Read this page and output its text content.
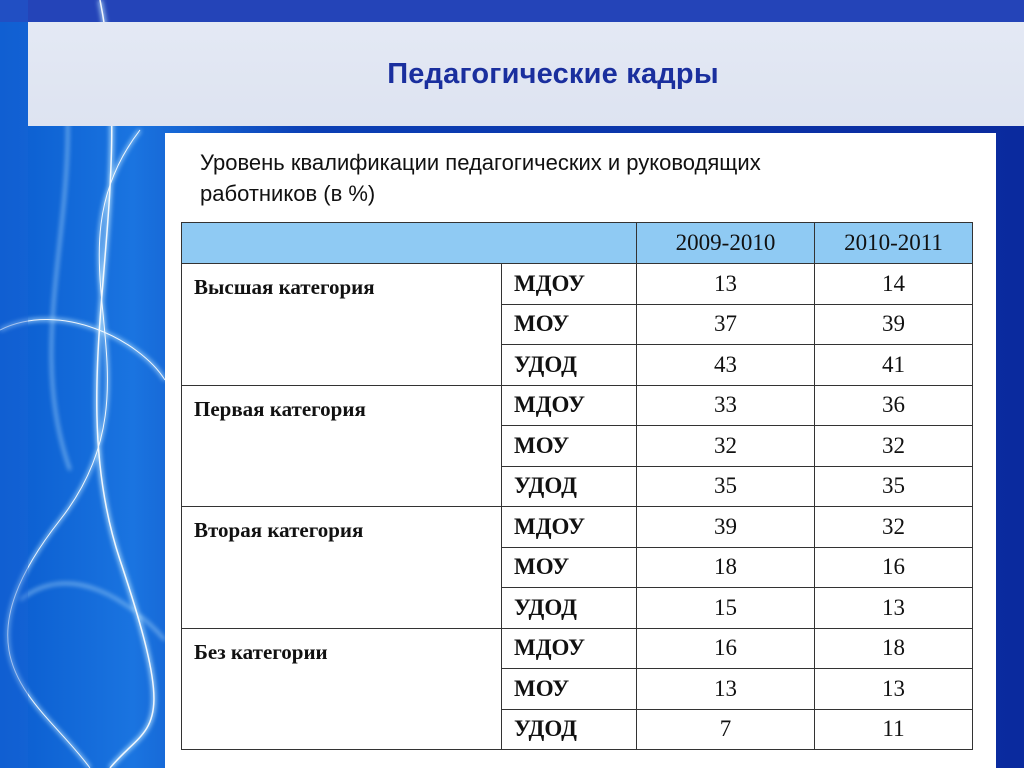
Педагогические кадры
Уровень квалификации педагогических и руководящих
работников (в %)
		2009-2010	2010-2011
Высшая категория	МДОУ	13	14
	МОУ	37	39
	УДОД	43	41
Первая категория	МДОУ	33	36
	МОУ	32	32
	УДОД	35	35
Вторая категория	МДОУ	39	32
	МОУ	18	16
	УДОД	15	13
Без категории	МДОУ	16	18
	МОУ	13	13
	УДОД	7	11
